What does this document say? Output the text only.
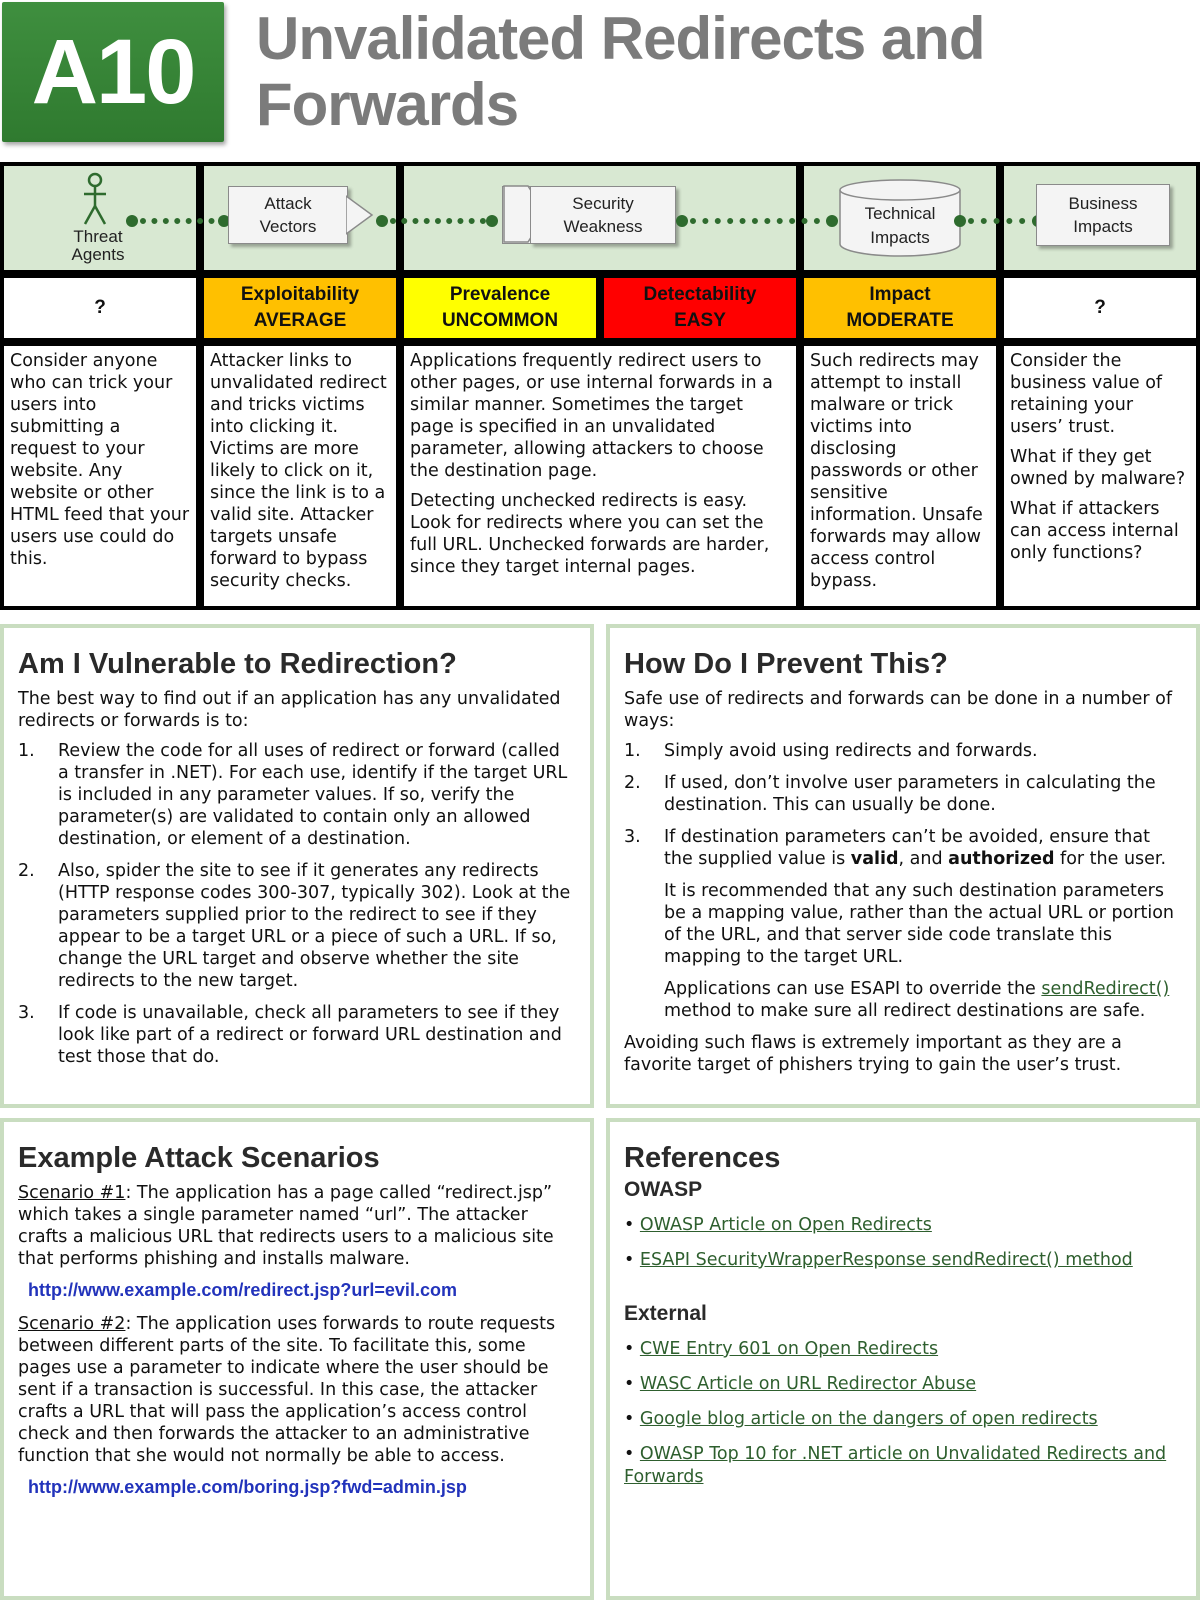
A10	Unvalidated Redirects and
Forwards
Threat Agents
Attack Vectors
Security Weakness
Technical Impacts
Business Impacts
?
Exploitability
AVERAGE
Prevalence
UNCOMMON
Detectability
EASY
Impact
MODERATE
?

Consider anyone who can trick your users into submitting a request to your website. Any website or other HTML feed that your users use could do this.

Attacker links to unvalidated redirect and tricks victims into clicking it. Victims are more likely to click on it, since the link is to a valid site. Attacker targets unsafe forward to bypass security checks.

Applications frequently redirect users to other pages, or use internal forwards in a similar manner. Sometimes the target page is specified in an unvalidated parameter, allowing attackers to choose the destination page.

Detecting unchecked redirects is easy. Look for redirects where you can set the full URL. Unchecked forwards are harder, since they target internal pages.

Such redirects may attempt to install malware or trick victims into disclosing passwords or other sensitive information. Unsafe forwards may allow access control bypass.

Consider the business value of retaining your users’ trust.

What if they get owned by malware?

What if attackers can access internal only functions?

Am I Vulnerable to Redirection?

The best way to find out if an application has any unvalidated redirects or forwards is to:

1. Review the code for all uses of redirect or forward (called a transfer in .NET). For each use, identify if the target URL is included in any parameter values. If so, verify the parameter(s) are validated to contain only an allowed destination, or element of a destination.
2. Also, spider the site to see if it generates any redirects (HTTP response codes 300-307, typically 302). Look at the parameters supplied prior to the redirect to see if they appear to be a target URL or a piece of such a URL. If so, change the URL target and observe whether the site redirects to the new target.
3. If code is unavailable, check all parameters to see if they look like part of a redirect or forward URL destination and test those that do.
How Do I Prevent This?

Safe use of redirects and forwards can be done in a number of ways:

1. Simply avoid using redirects and forwards.
2. If used, don’t involve user parameters in calculating the destination. This can usually be done.
3. If destination parameters can’t be avoided, ensure that the supplied value is valid, and authorized for the user.

It is recommended that any such destination parameters be a mapping value, rather than the actual URL or portion of the URL, and that server side code translate this mapping to the target URL.

Applications can use ESAPI to override the sendRedirect() method to make sure all redirect destinations are safe.

Avoiding such flaws is extremely important as they are a favorite target of phishers trying to gain the user’s trust.

Example Attack Scenarios

Scenario #1: The application has a page called “redirect.jsp” which takes a single parameter named “url”. The attacker crafts a malicious URL that redirects users to a malicious site that performs phishing and installs malware.

http://www.example.com/redirect.jsp?url=evil.com

Scenario #2: The application uses forwards to route requests between different parts of the site. To facilitate this, some pages use a parameter to indicate where the user should be sent if a transaction is successful. In this case, the attacker crafts a URL that will pass the application’s access control check and then forwards the attacker to an administrative function that she would not normally be able to access.

http://www.example.com/boring.jsp?fwd=admin.jsp
References
OWASP

• OWASP Article on Open Redirects

• ESAPI SecurityWrapperResponse sendRedirect() method

External

• CWE Entry 601 on Open Redirects

• WASC Article on URL Redirector Abuse

• Google blog article on the dangers of open redirects

• OWASP Top 10 for .NET article on Unvalidated Redirects and Forwards
